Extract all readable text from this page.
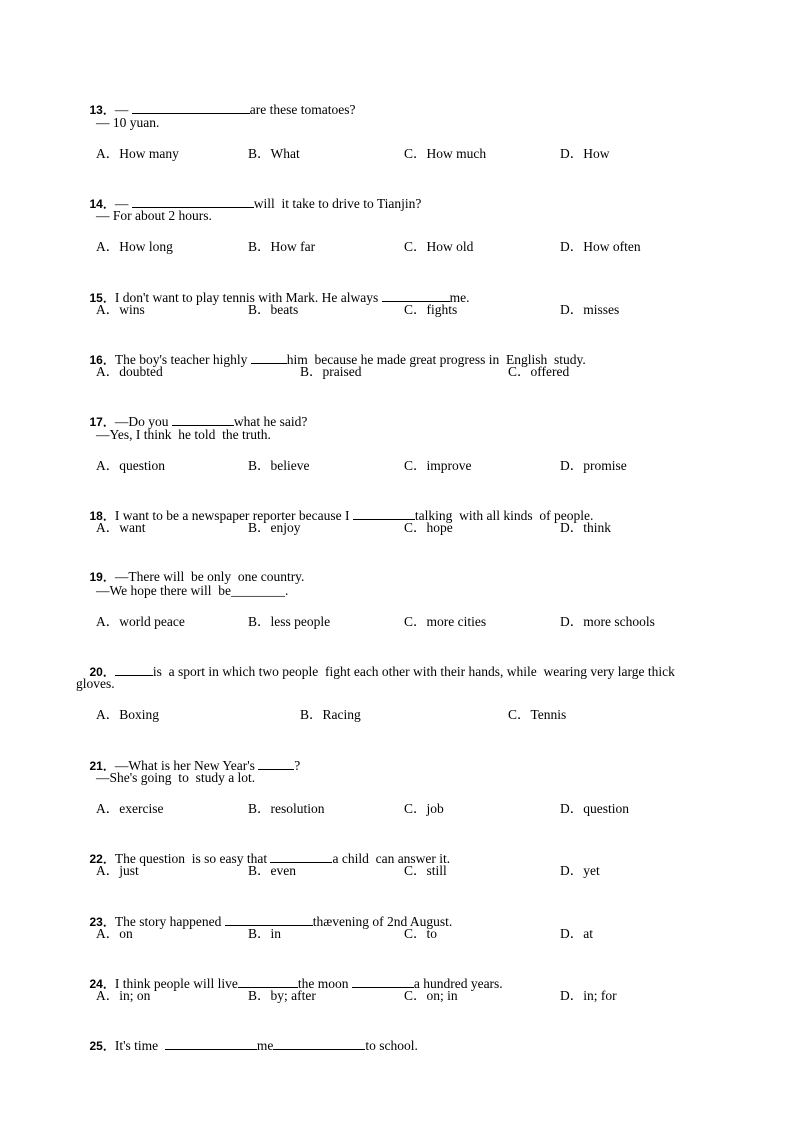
13．—	are these tomatoes?

— 10 yuan.
A．How many	B．What	C．How much	D．How

14．—	will  it take to drive to Tianjin?

— For about 2 hours.
A．How long	B．How far	C．How old	D．How often

15．I don't want to play tennis with Mark. He always	me.

A．wins	B．beats	C．fights	D．misses

16．The boy's teacher highly	him  because he made great progress in  English  study.

A．doubted	B．praised	C．offered

17．—Do you	what he said?

—Yes, I think  he told  the truth.
A．question	B．believe	C．improve	D．promise

18．I want to be a newspaper reporter because I	talking  with all kinds  of people.

A．want	B．enjoy	C．hope	D．think

19．—There will  be only  one country.

—We hope there will  be________.
A．world peace	B．less people	C．more cities	D．more schools

20．	is  a sport in which two people  fight each other with their hands, while  wearing very large thick

gloves.
A．Boxing	B．Racing	C．Tennis

21．—What is her New Year's	?

—She's going  to  study a lot.
A．exercise	B．resolution	C．job	D．question

22．The question  is so easy that	a child  can answer it.

A．just	B．even	C．still	D．yet

23．The story happened	thævening of 2nd August.

A．on	B．in	C．to	D．at

24．I think people will live	the moon	a hundred years.

A．in; on	B．by; after	C．on; in	D．in; for

25．It's time	me	to school.
